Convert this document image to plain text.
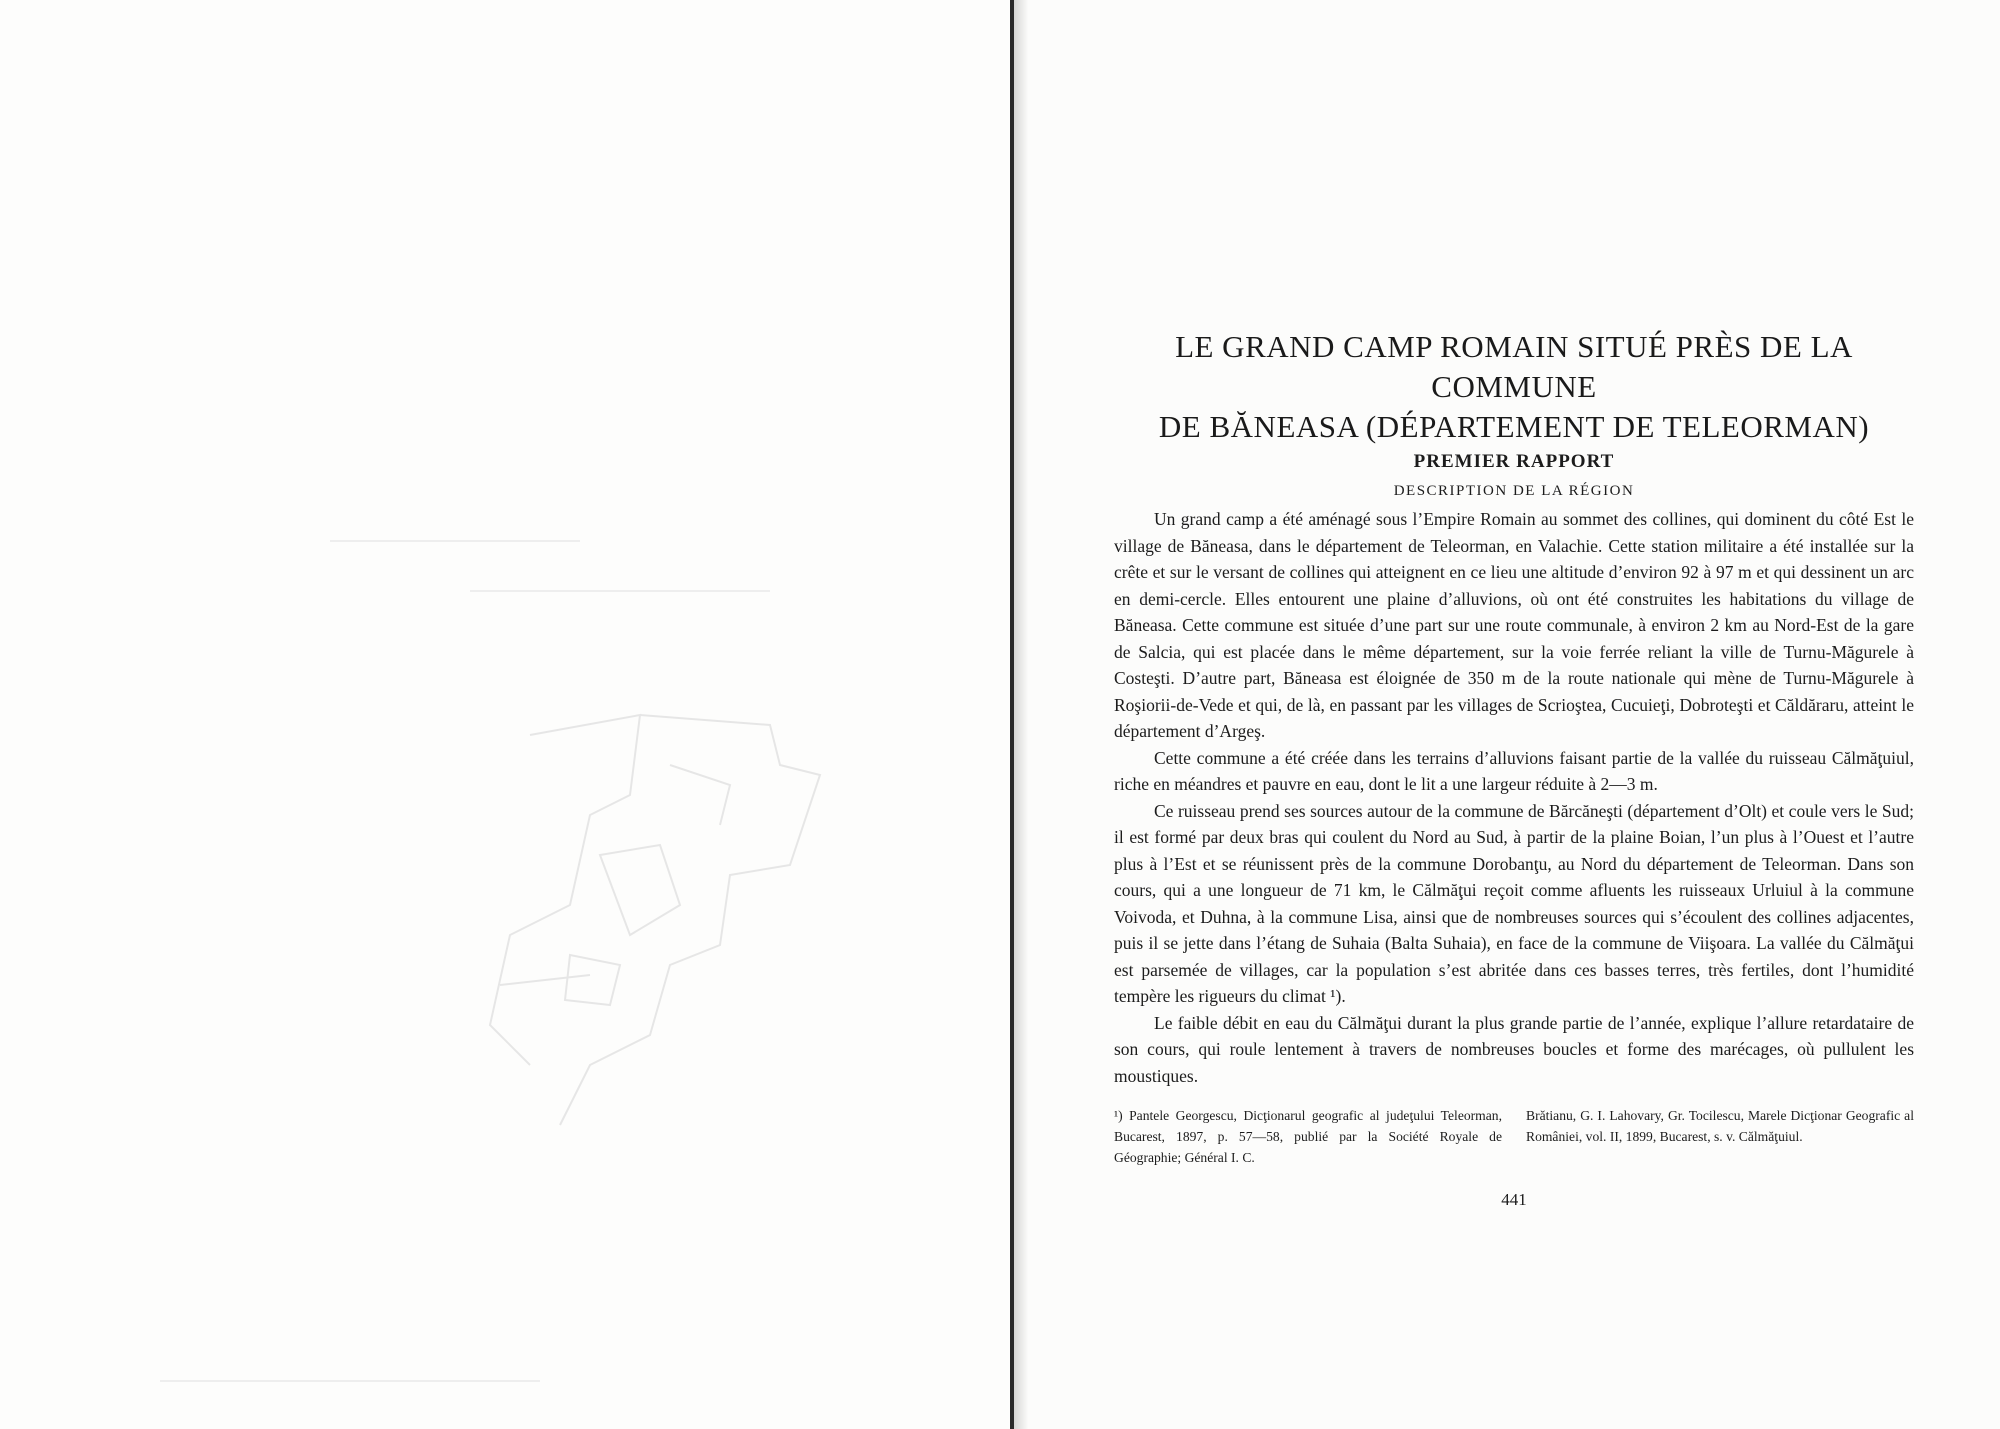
LE GRAND CAMP ROMAIN SITUÉ PRÈS DE LA COMMUNE
DE BĂNEASA (DÉPARTEMENT DE TELEORMAN)
PREMIER RAPPORT
DESCRIPTION DE LA RÉGION

Un grand camp a été aménagé sous l’Empire Romain au sommet des collines, qui dominent du côté Est le village de Băneasa, dans le département de Teleorman, en Valachie. Cette station militaire a été installée sur la crête et sur le versant de collines qui atteignent en ce lieu une altitude d’environ 92 à 97 m et qui dessinent un arc en demi-cercle. Elles entourent une plaine d’alluvions, où ont été construites les habitations du village de Băneasa. Cette commune est située d’une part sur une route communale, à environ 2 km au Nord-Est de la gare de Salcia, qui est placée dans le même département, sur la voie ferrée reliant la ville de Turnu-Măgurele à Costeşti. D’autre part, Băneasa est éloignée de 350 m de la route nationale qui mène de Turnu-Măgurele à Roşiorii-de-Vede et qui, de là, en passant par les villages de Scrioştea, Cucuieţi, Dobroteşti et Căldăraru, atteint le département d’Argeş.

Cette commune a été créée dans les terrains d’alluvions faisant partie de la vallée du ruisseau Călmăţuiul, riche en méandres et pauvre en eau, dont le lit a une largeur réduite à 2—3 m.

Ce ruisseau prend ses sources autour de la commune de Bărcăneşti (département d’Olt) et coule vers le Sud; il est formé par deux bras qui coulent du Nord au Sud, à partir de la plaine Boian, l’un plus à l’Ouest et l’autre plus à l’Est et se réunissent près de la commune Dorobanţu, au Nord du département de Teleorman. Dans son cours, qui a une longueur de 71 km, le Călmăţui reçoit comme afluents les ruisseaux Urluiul à la commune Voivoda, et Duhna, à la commune Lisa, ainsi que de nombreuses sources qui s’écoulent des collines adjacentes, puis il se jette dans l’étang de Suhaia (Balta Suhaia), en face de la commune de Viişoara. La vallée du Călmăţui est parsemée de villages, car la population s’est abritée dans ces basses terres, très fertiles, dont l’humidité tempère les rigueurs du climat ¹).

Le faible débit en eau du Călmăţui durant la plus grande partie de l’année, explique l’allure retardataire de son cours, qui roule lentement à travers de nombreuses boucles et forme des marécages, où pullulent les moustiques.

¹) Pantele Georgescu, Dicţionarul geografic al judeţului Teleorman, Bucarest, 1897, p. 57—58, publié par la Société Royale de Géographie; Général I. C.
Brătianu, G. I. Lahovary, Gr. Tocilescu, Marele Dicţionar Geografic al României, vol. II, 1899, Bucarest, s. v. Călmăţuiul.
441
